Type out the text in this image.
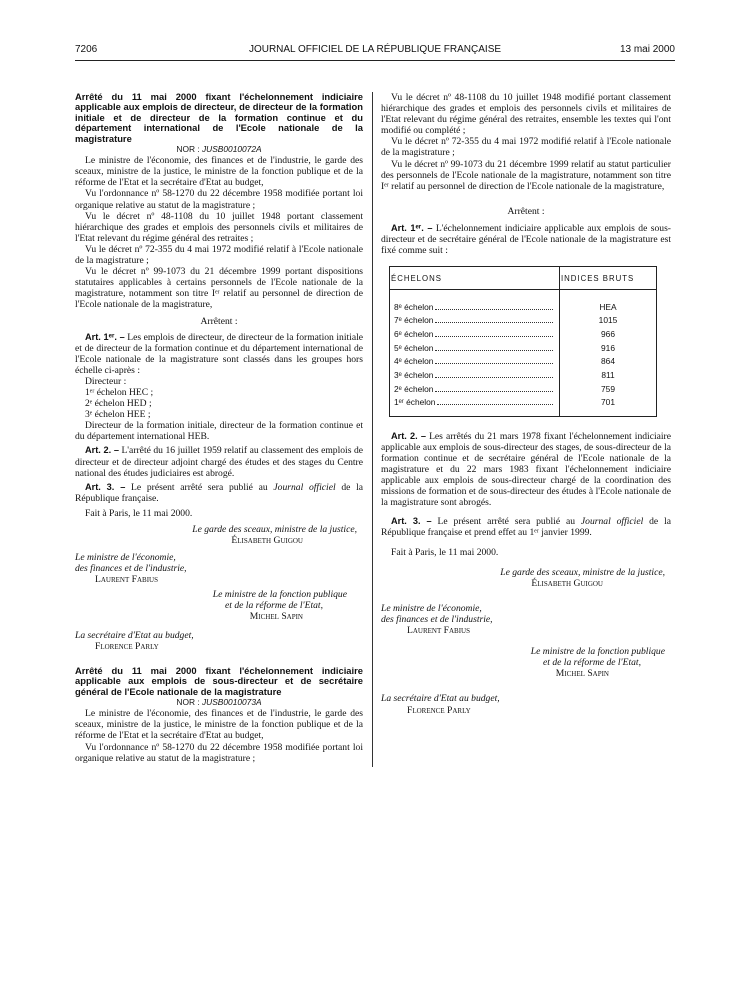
7206	JOURNAL OFFICIEL DE LA RÉPUBLIQUE FRANÇAISE	13 mai 2000

Arrêté du 11 mai 2000 fixant l'échelonnement indiciaire applicable aux emplois de directeur, de directeur de la formation initiale et de directeur de la formation continue et du département international de l'Ecole nationale de la magistrature

NOR : JUSB0010072A

Le ministre de l'économie, des finances et de l'industrie, le garde des sceaux, ministre de la justice, le ministre de la fonction publique et de la réforme de l'Etat et la secrétaire d'Etat au budget,

Vu l'ordonnance nº 58-1270 du 22 décembre 1958 modifiée portant loi organique relative au statut de la magistrature ;

Vu le décret nº 48-1108 du 10 juillet 1948 portant classement hiérarchique des grades et emplois des personnels civils et militaires de l'Etat relevant du régime général des retraites ;

Vu le décret nº 72-355 du 4 mai 1972 modifié relatif à l'Ecole nationale de la magistrature ;

Vu le décret nº 99-1073 du 21 décembre 1999 portant dispositions statutaires applicables à certains personnels de l'Ecole nationale de la magistrature, notamment son titre Iᵉʳ relatif au personnel de direction de l'Ecole nationale de la magistrature,

Arrêtent :

Art. 1ᵉʳ. – Les emplois de directeur, de directeur de la formation initiale et de directeur de la formation continue et du département international de l'Ecole nationale de la magistrature sont classés dans les groupes hors échelle ci-après :

Directeur :

1ᵉʳ échelon HEC ;

2ᵉ échelon HED ;

3ᵉ échelon HEE ;

Directeur de la formation initiale, directeur de la formation continue et du département international HEB.

Art. 2. – L'arrêté du 16 juillet 1959 relatif au classement des emplois de directeur et de directeur adjoint chargé des études et des stages du Centre national des études judiciaires est abrogé.

Art. 3. – Le présent arrêté sera publié au Journal officiel de la République française.

Fait à Paris, le 11 mai 2000.

Le garde des sceaux, ministre de la justice,

Élisabeth Guigou

Le ministre de l'économie,

des finances et de l'industrie,

Laurent Fabius

Le ministre de la fonction publique

et de la réforme de l'Etat,

Michel Sapin

La secrétaire d'Etat au budget,

Florence Parly

Arrêté du 11 mai 2000 fixant l'échelonnement indiciaire applicable aux emplois de sous-directeur et de secrétaire général de l'Ecole nationale de la magistrature

NOR : JUSB0010073A

Le ministre de l'économie, des finances et de l'industrie, le garde des sceaux, ministre de la justice, le ministre de la fonction publique et de la réforme de l'Etat et la secrétaire d'Etat au budget,

Vu l'ordonnance nº 58-1270 du 22 décembre 1958 modifiée portant loi organique relative au statut de la magistrature ;

Vu le décret nº 48-1108 du 10 juillet 1948 modifié portant classement hiérarchique des grades et emplois des personnels civils et militaires de l'Etat relevant du régime général des retraites, ensemble les textes qui l'ont modifié ou complété ;

Vu le décret nº 72-355 du 4 mai 1972 modifié relatif à l'Ecole nationale de la magistrature ;

Vu le décret nº 99-1073 du 21 décembre 1999 relatif au statut particulier des personnels de l'Ecole nationale de la magistrature, notamment son titre Iᵉʳ relatif au personnel de direction de l'Ecole nationale de la magistrature,

Arrêtent :

Art. 1ᵉʳ. – L'échelonnement indiciaire applicable aux emplois de sous-directeur et de secrétaire général de l'Ecole nationale de la magistrature est fixé comme suit :

ÉCHELONS	INDICES BRUTS

8ᵉ échelon	HEA

7ᵉ échelon	1015

6ᵉ échelon	966

5ᵉ échelon	916

4ᵉ échelon	864

3ᵉ échelon	811

2ᵉ échelon	759

1ᵉʳ échelon	701

Art. 2. – Les arrêtés du 21 mars 1978 fixant l'échelonnement indiciaire applicable aux emplois de sous-directeur des stages, de sous-directeur de la formation continue et de secrétaire général de l'Ecole nationale de la magistrature et du 22 mars 1983 fixant l'échelonnement indiciaire applicable aux emplois de sous-directeur chargé de la coordination des missions de formation et de sous-directeur des études à l'Ecole nationale de la magistrature sont abrogés.

Art. 3. – Le présent arrêté sera publié au Journal officiel de la République française et prend effet au 1ᵉʳ janvier 1999.

Fait à Paris, le 11 mai 2000.

Le garde des sceaux, ministre de la justice,

Élisabeth Guigou

Le ministre de l'économie,

des finances et de l'industrie,

Laurent Fabius

Le ministre de la fonction publique

et de la réforme de l'Etat,

Michel Sapin

La secrétaire d'Etat au budget,

Florence Parly
